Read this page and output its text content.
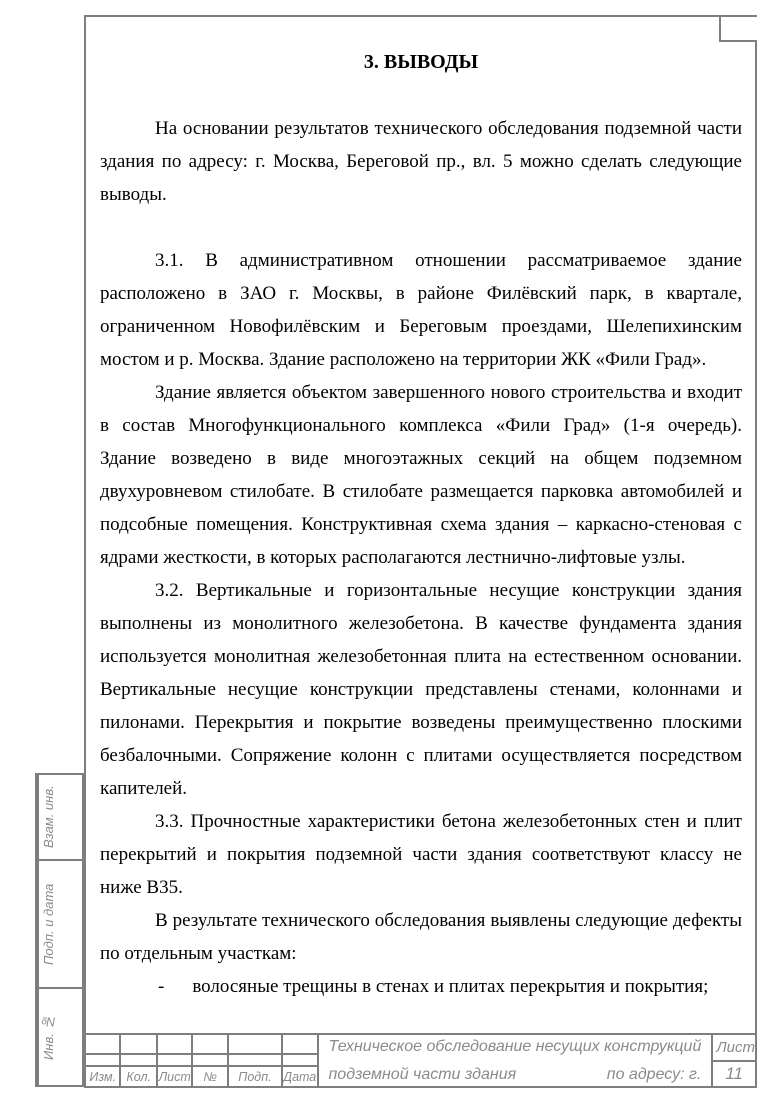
3. ВЫВОДЫ

На основании результатов технического обследования подземной части здания по адресу: г. Москва, Береговой пр., вл. 5 можно сделать следующие выводы.

3.1. В административном отношении рассматриваемое здание расположено в ЗАО г. Москвы, в районе Филёвский парк, в квартале, ограниченном Новофилёвским и Береговым проездами, Шелепихинским мостом и р. Москва. Здание расположено на территории ЖК «Фили Град».

Здание является объектом завершенного нового строительства и входит в состав Многофункционального комплекса «Фили Град» (1-я очередь). Здание возведено в виде многоэтажных секций на общем подземном двухуровневом стилобате. В стилобате размещается парковка автомобилей и подсобные помещения. Конструктивная схема здания – каркасно-стеновая с ядрами жесткости, в которых располагаются лестнично-лифтовые узлы.

3.2. Вертикальные и горизонтальные несущие конструкции здания выполнены из монолитного железобетона. В качестве фундамента здания используется монолитная железобетонная плита на естественном основании. Вертикальные несущие конструкции представлены стенами, колоннами и пилонами. Перекрытия и покрытие возведены преимущественно плоскими безбалочными. Сопряжение колонн с плитами осуществляется посредством капителей.

3.3. Прочностные характеристики бетона железобетонных стен и плит перекрытий и покрытия подземной части здания соответствуют классу не ниже В35.

В результате технического обследования выявлены следующие дефекты по отдельным участкам:

- волосяные трещины в стенах и плитах перекрытия и покрытия;

Взам. инв.
Подп. и дата
Инв. №
Изм. Кол. Лист	№	Подп. Дата
Техническое обследование несущих конструкций
подземной части здания	по адресу: г.
Лист
11
